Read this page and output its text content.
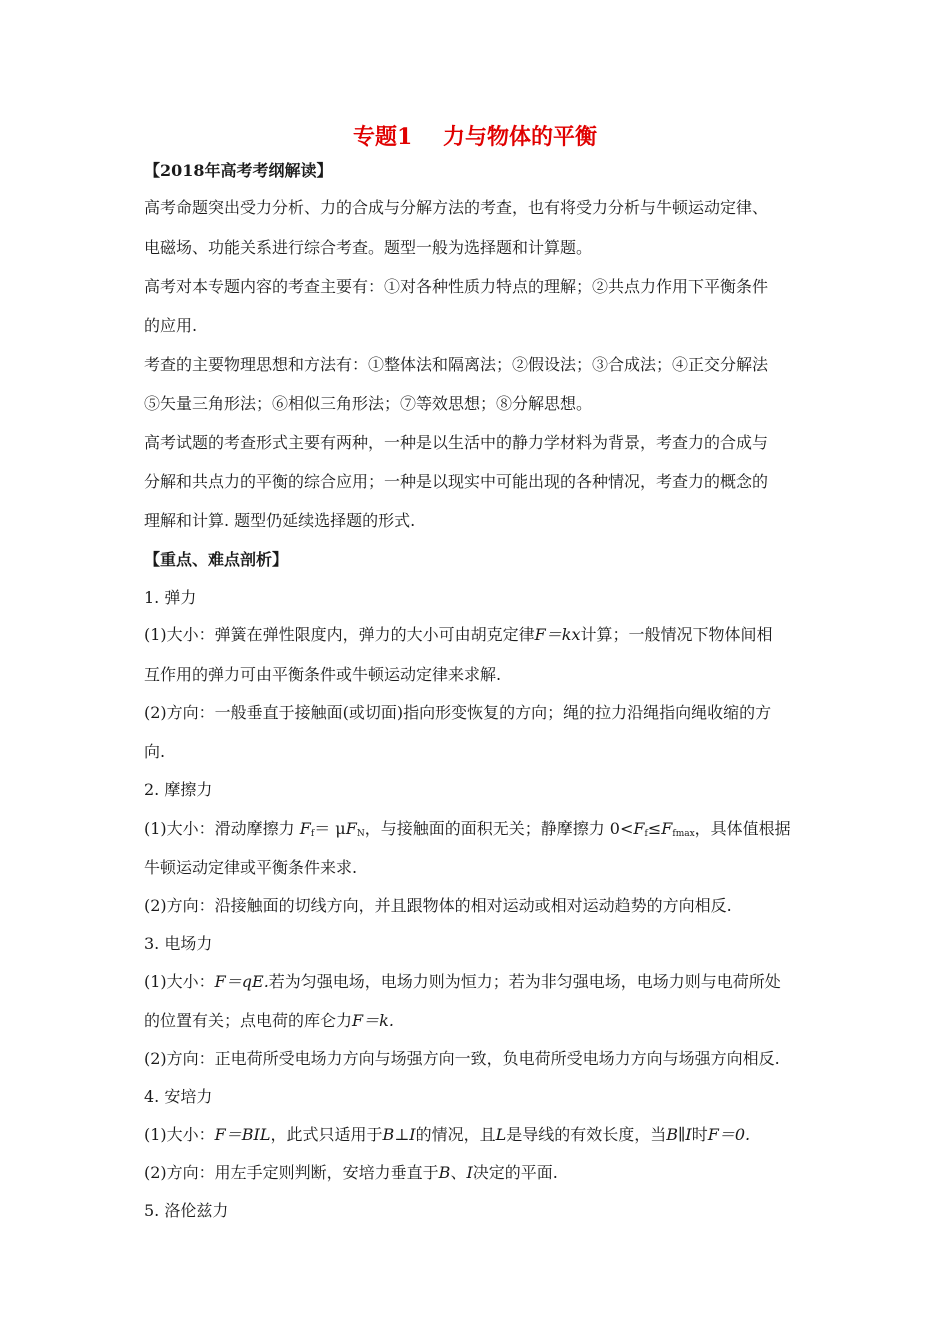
专题1    力与物体的平衡
【2018年高考考纲解读】
高考命题突出受力分析、力的合成与分解方法的考查，也有将受力分析与牛顿运动定律、
电磁场、功能关系进行综合考查。题型一般为选择题和计算题。
高考对本专题内容的考查主要有：①对各种性质力特点的理解；②共点力作用下平衡条件
的应用.
考查的主要物理思想和方法有：①整体法和隔离法；②假设法；③合成法；④正交分解法
⑤矢量三角形法；⑥相似三角形法；⑦等效思想；⑧分解思想。
高考试题的考查形式主要有两种，一种是以生活中的静力学材料为背景，考查力的合成与
分解和共点力的平衡的综合应用；一种是以现实中可能出现的各种情况，考查力的概念的
理解和计算. 题型仍延续选择题的形式.
【重点、难点剖析】
1. 弹力
(1)大小：弹簧在弹性限度内，弹力的大小可由胡克定律F＝kx计算；一般情况下物体间相
互作用的弹力可由平衡条件或牛顿运动定律来求解.
(2)方向：一般垂直于接触面(或切面)指向形变恢复的方向；绳的拉力沿绳指向绳收缩的方
向.
2. 摩擦力
(1)大小：滑动摩擦力 $F_f= \mu F_N$，与接触面的面积无关；静摩擦力 $0<F_f\le F_{fmax}$，具体值根据
牛顿运动定律或平衡条件来求.
(2)方向：沿接触面的切线方向，并且跟物体的相对运动或相对运动趋势的方向相反.
3. 电场力
(1)大小：F＝qE.若为匀强电场，电场力则为恒力；若为非匀强电场，电场力则与电荷所处
的位置有关；点电荷的库仑力F＝k.
(2)方向：正电荷所受电场力方向与场强方向一致，负电荷所受电场力方向与场强方向相反.
4. 安培力
(1)大小：F＝BIL，此式只适用于B⊥I的情况，且L是导线的有效长度，当B∥I时F＝0.
(2)方向：用左手定则判断，安培力垂直于B、I决定的平面.
5. 洛伦兹力
